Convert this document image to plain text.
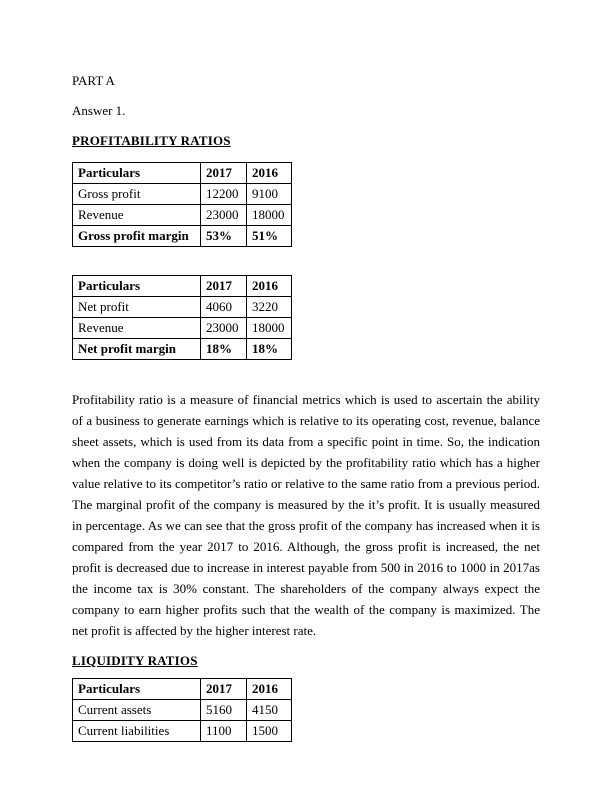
PART A

Answer 1.

PROFITABILITY RATIOS
Particulars	2017	2016
Gross profit	12200	9100
Revenue	23000	18000
Gross profit margin	53%	51%
Particulars	2017	2016
Net profit	4060	3220
Revenue	23000	18000
Net profit margin	18%	18%

Profitability ratio is a measure of financial metrics which is used to ascertain the ability of a business to generate earnings which is relative to its operating cost, revenue, balance sheet assets, which is used from its data from a specific point in time. So, the indication when the company is doing well is depicted by the profitability ratio which has a higher value relative to its competitor’s ratio or relative to the same ratio from a previous period. The marginal profit of the company is measured by the it’s profit. It is usually measured in percentage. As we can see that the gross profit of the company has increased when it is compared from the year 2017 to 2016. Although, the gross profit is increased, the net profit is decreased due to increase in interest payable from 500 in 2016 to 1000 in 2017as the income tax is 30% constant. The shareholders of the company always expect the company to earn higher profits such that the wealth of the company is maximized. The net profit is affected by the higher interest rate.

LIQUIDITY RATIOS
Particulars	2017	2016
Current assets	5160	4150
Current liabilities	1100	1500
